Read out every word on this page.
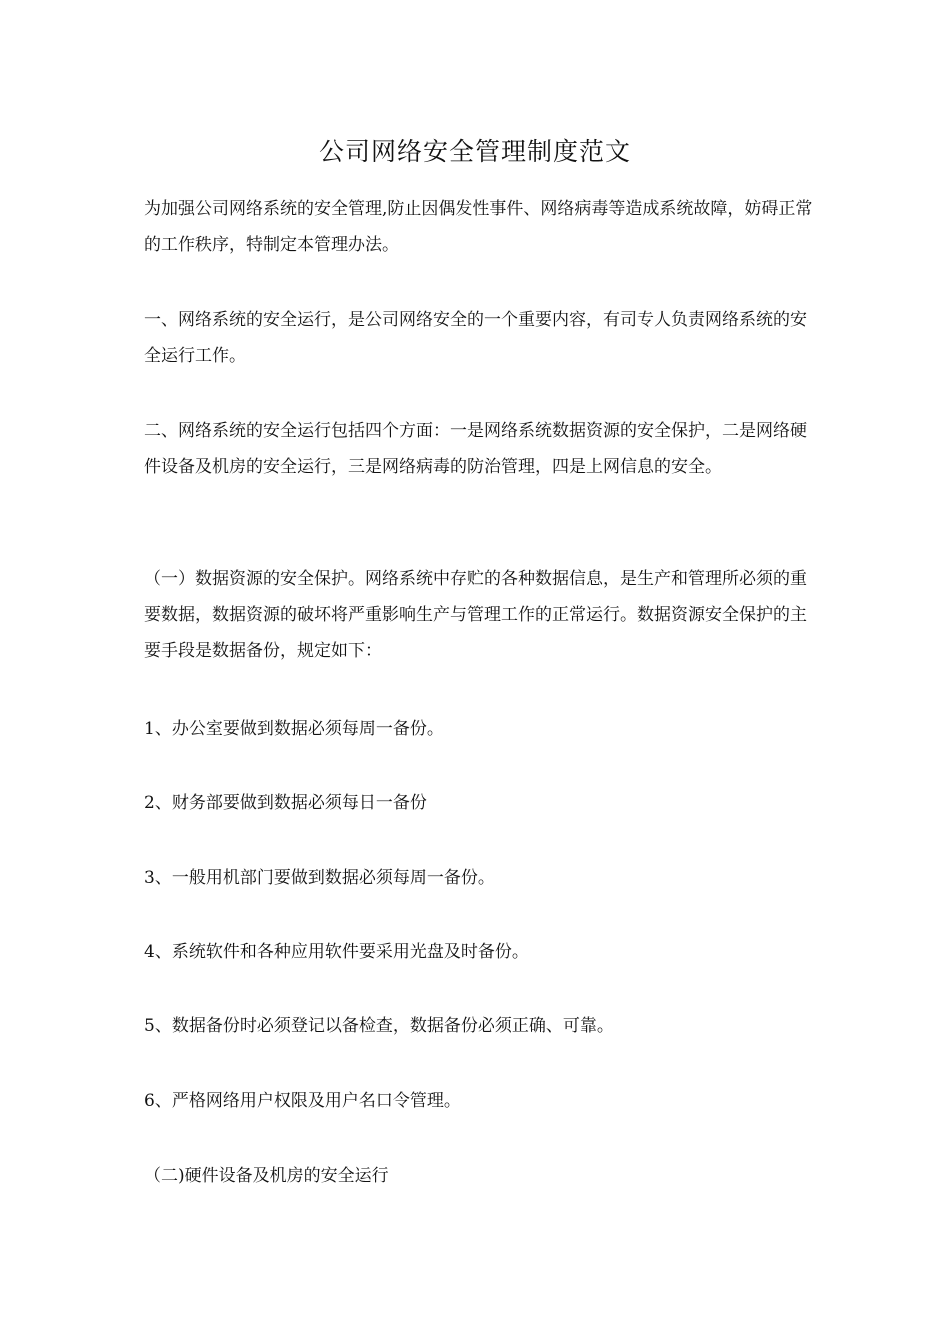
公司网络安全管理制度范文

为加强公司网络系统的安全管理,防止因偶发性事件、网络病毒等造成系统故障，妨碍正常的工作秩序，特制定本管理办法。

一、网络系统的安全运行，是公司网络安全的一个重要内容，有司专人负责网络系统的安全运行工作。

二、网络系统的安全运行包括四个方面：一是网络系统数据资源的安全保护，二是网络硬件设备及机房的安全运行，三是网络病毒的防治管理，四是上网信息的安全。

（一）数据资源的安全保护。网络系统中存贮的各种数据信息，是生产和管理所必须的重要数据，数据资源的破坏将严重影响生产与管理工作的正常运行。数据资源安全保护的主要手段是数据备份，规定如下：

1、办公室要做到数据必须每周一备份。

2、财务部要做到数据必须每日一备份

3、一般用机部门要做到数据必须每周一备份。

4、系统软件和各种应用软件要采用光盘及时备份。

5、数据备份时必须登记以备检查，数据备份必须正确、可靠。

6、严格网络用户权限及用户名口令管理。

（二)硬件设备及机房的安全运行
